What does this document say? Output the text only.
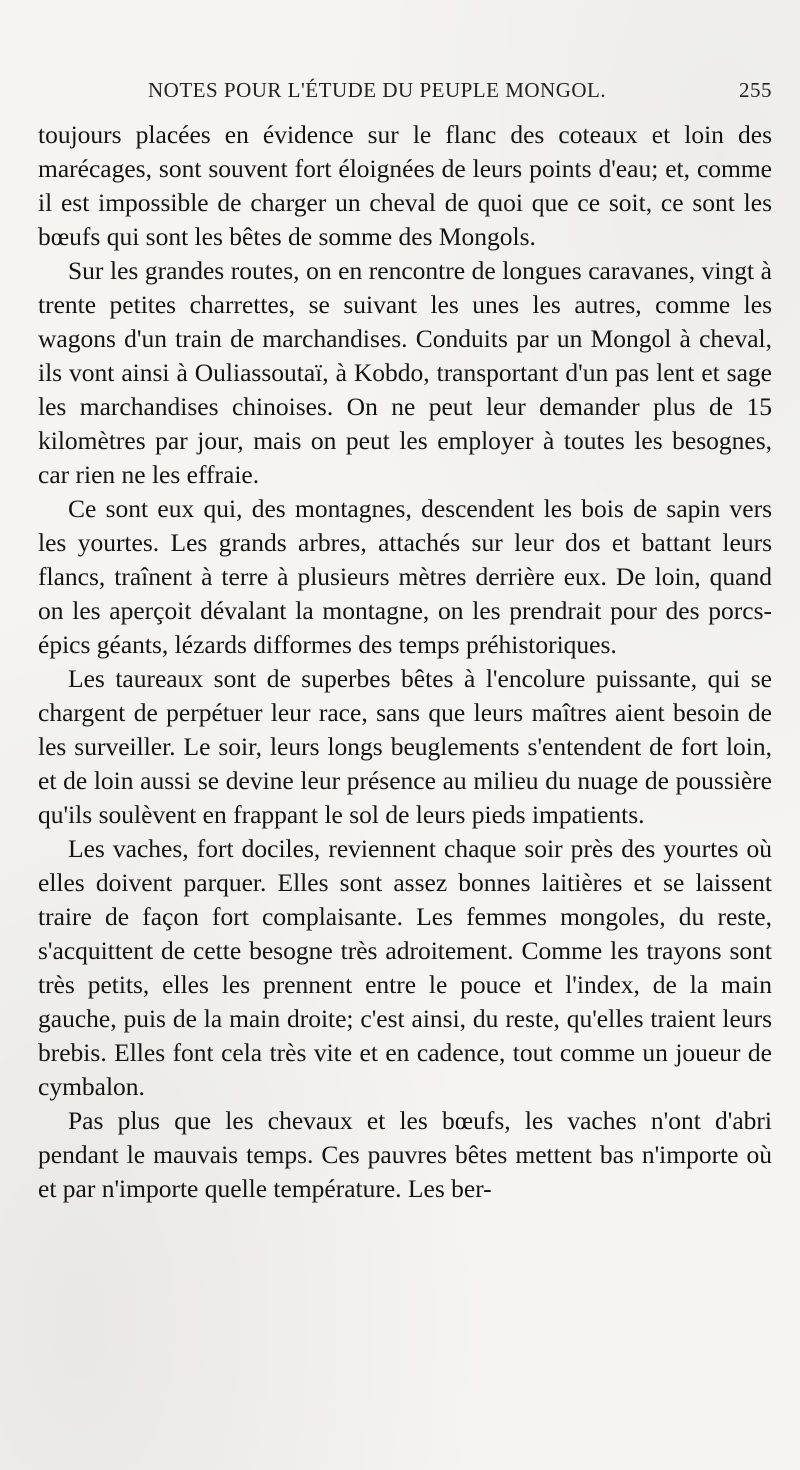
NOTES POUR L'ÉTUDE DU PEUPLE MONGOL.	255

toujours placées en évidence sur le flanc des coteaux et loin des marécages, sont souvent fort éloignées de leurs points d'eau; et, comme il est impossible de charger un cheval de quoi que ce soit, ce sont les bœufs qui sont les bêtes de somme des Mongols.

Sur les grandes routes, on en rencontre de longues caravanes, vingt à trente petites charrettes, se suivant les unes les autres, comme les wagons d'un train de marchandises. Conduits par un Mongol à cheval, ils vont ainsi à Ouliassoutaï, à Kobdo, transportant d'un pas lent et sage les marchandises chinoises. On ne peut leur demander plus de 15 kilomètres par jour, mais on peut les employer à toutes les besognes, car rien ne les effraie.

Ce sont eux qui, des montagnes, descendent les bois de sapin vers les yourtes. Les grands arbres, attachés sur leur dos et battant leurs flancs, traînent à terre à plusieurs mètres derrière eux. De loin, quand on les aperçoit dévalant la montagne, on les prendrait pour des porcs-épics géants, lézards difformes des temps préhistoriques.

Les taureaux sont de superbes bêtes à l'encolure puissante, qui se chargent de perpétuer leur race, sans que leurs maîtres aient besoin de les surveiller. Le soir, leurs longs beuglements s'entendent de fort loin, et de loin aussi se devine leur présence au milieu du nuage de poussière qu'ils soulèvent en frappant le sol de leurs pieds impatients.

Les vaches, fort dociles, reviennent chaque soir près des yourtes où elles doivent parquer. Elles sont assez bonnes laitières et se laissent traire de façon fort complaisante. Les femmes mongoles, du reste, s'acquittent de cette besogne très adroitement. Comme les trayons sont très petits, elles les prennent entre le pouce et l'index, de la main gauche, puis de la main droite; c'est ainsi, du reste, qu'elles traient leurs brebis. Elles font cela très vite et en cadence, tout comme un joueur de cymbalon.

Pas plus que les chevaux et les bœufs, les vaches n'ont d'abri pendant le mauvais temps. Ces pauvres bêtes mettent bas n'importe où et par n'importe quelle température. Les ber-
